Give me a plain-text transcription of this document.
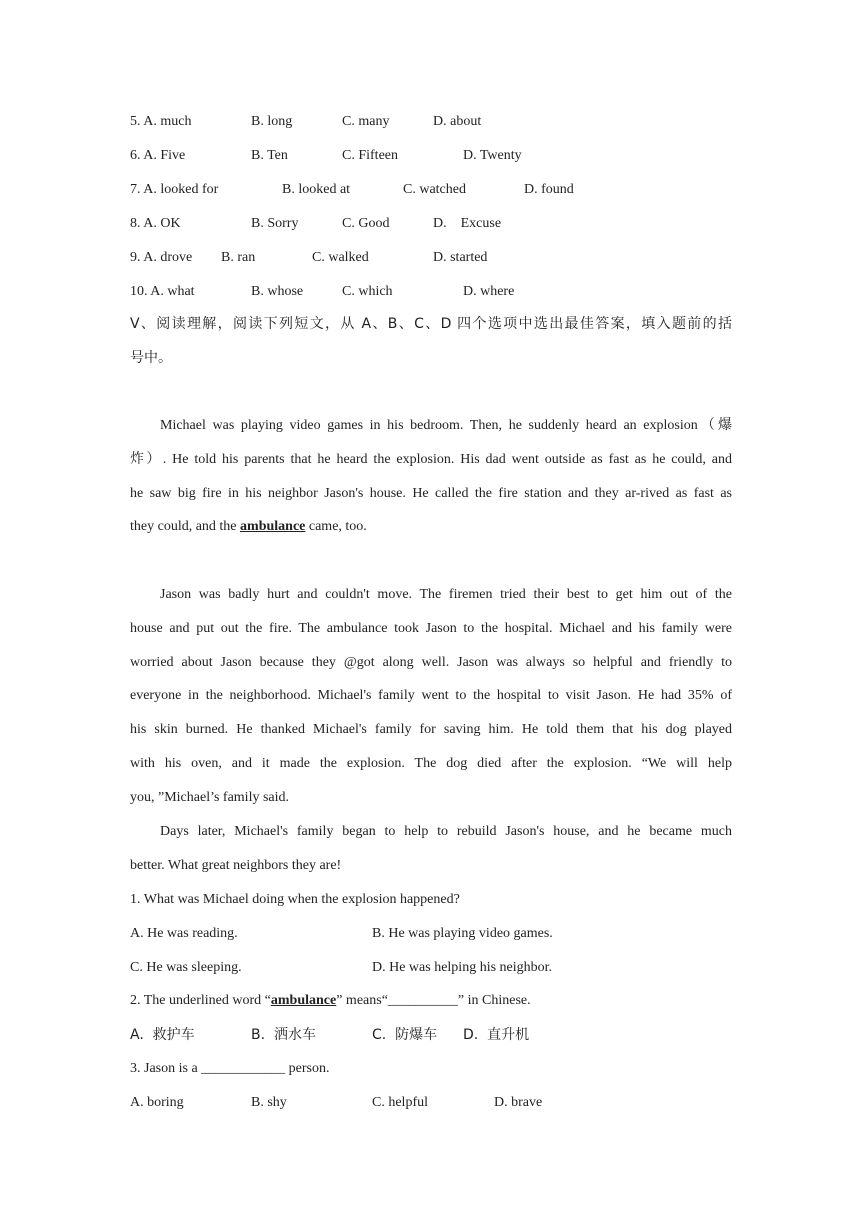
5. A. much	B. long	C. many	D. about
6. A. Five	B. Ten	C. Fifteen	D. Twenty
7. A. looked for	B. looked at	C. watched	D. found
8. A. OK	B. Sorry	C. Good	D.    Excuse
9. A. drove B. ran	C. walked	D. started
10. A. what	B. whose	C. which	D. where
Ⅴ、阅读理解，阅读下列短文，从 A、B、C、D 四个选项中选出最佳答案，填入题前的括
号中。
Michael was playing video games in his bedroom. Then, he suddenly heard an explosion（爆
炸）. He told his parents that he heard the explosion. His dad went outside as fast as he could, and
he saw big fire in his neighbor Jason's house. He called the fire station and they ar-rived as fast as
they could, and the ambulance came, too.
Jason was badly hurt and couldn't move. The firemen tried their best to get him out of the
house and put out the fire. The ambulance took Jason to the hospital. Michael and his family were
worried about Jason because they @got along well. Jason was always so helpful and friendly to
everyone in the neighborhood. Michael's family went to the hospital to visit Jason. He had 35% of
his skin burned. He thanked Michael's family for saving him. He told them that his dog played
with his oven, and it made the explosion. The dog died after the explosion. “We will help
you, ”Michael’s family said.
Days later, Michael's family began to help to rebuild Jason's house, and he became much
better. What great neighbors they are!
1. What was Michael doing when the explosion happened?
A. He was reading.	B. He was playing video games.
C. He was sleeping.	D. He was helping his neighbor.
2. The underlined word “ambulance” means“__________” in Chinese.
A.  救护车	B.  洒水车	C.  防爆车 D.  直升机
3. Jason is a ____________ person.
A. boring	B. shy	C. helpful	D. brave
